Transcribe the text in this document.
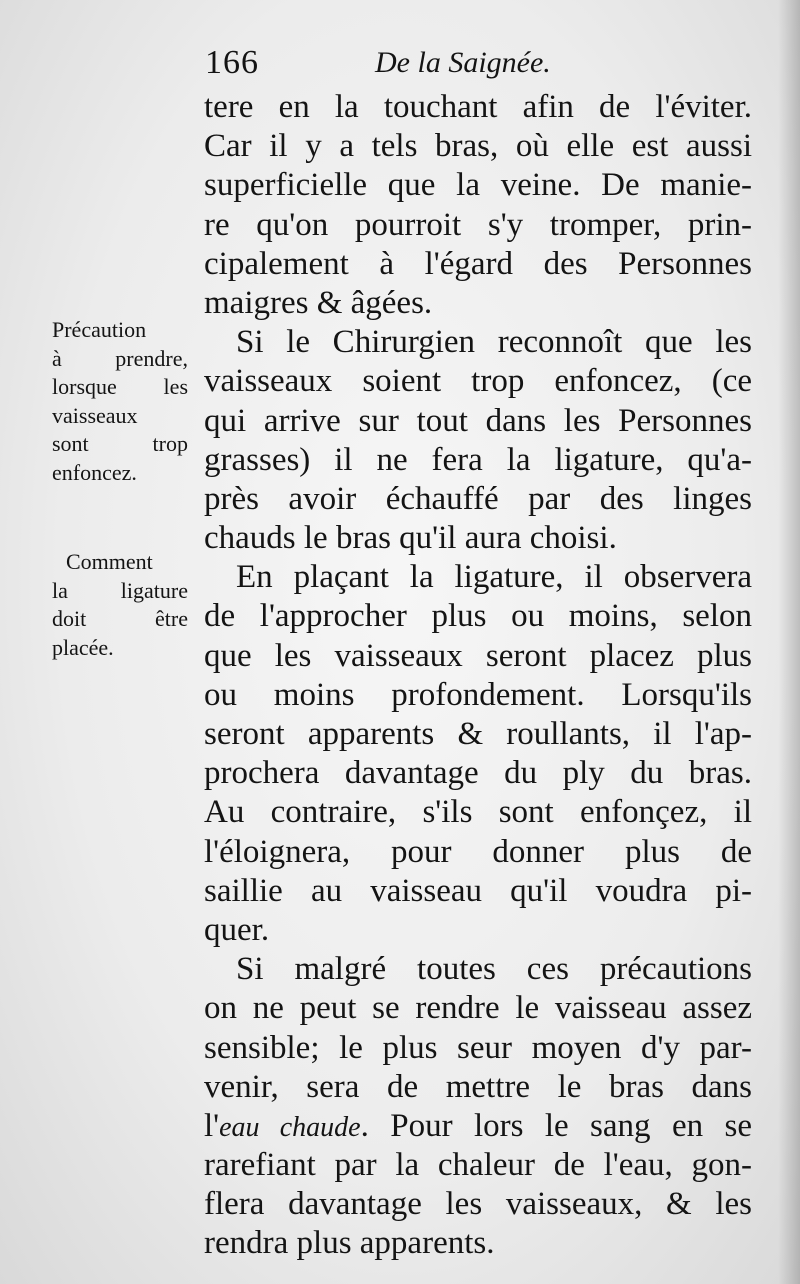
166	De la Saignée.
Précaution
à prendre,
lorsque les
vaisseaux
sont trop
enfoncez.
Comment
la ligature
doit être
placée.
tere en la touchant afin de l'éviter.
Car il y a tels bras, où elle est aussi
superficielle que la veine. De manie-
re qu'on pourroit s'y tromper, prin-
cipalement à l'égard des Personnes
maigres & âgées.
Si le Chirurgien reconnoît que les
vaisseaux soient trop enfoncez, (ce
qui arrive sur tout dans les Personnes
grasses) il ne fera la ligature, qu'a-
près avoir échauffé par des linges
chauds le bras qu'il aura choisi.
En plaçant la ligature, il observera
de l'approcher plus ou moins, selon
que les vaisseaux seront placez plus
ou moins profondement. Lorsqu'ils
seront apparents & roullants, il l'ap-
prochera davantage du ply du bras.
Au contraire, s'ils sont enfonçez, il
l'éloignera, pour donner plus de
saillie au vaisseau qu'il voudra pi-
quer.
Si malgré toutes ces précautions
on ne peut se rendre le vaisseau assez
sensible; le plus seur moyen d'y par-
venir, sera de mettre le bras dans
l'eau chaude. Pour lors le sang en se
rarefiant par la chaleur de l'eau, gon-
flera davantage les vaisseaux, & les
rendra plus apparents.
